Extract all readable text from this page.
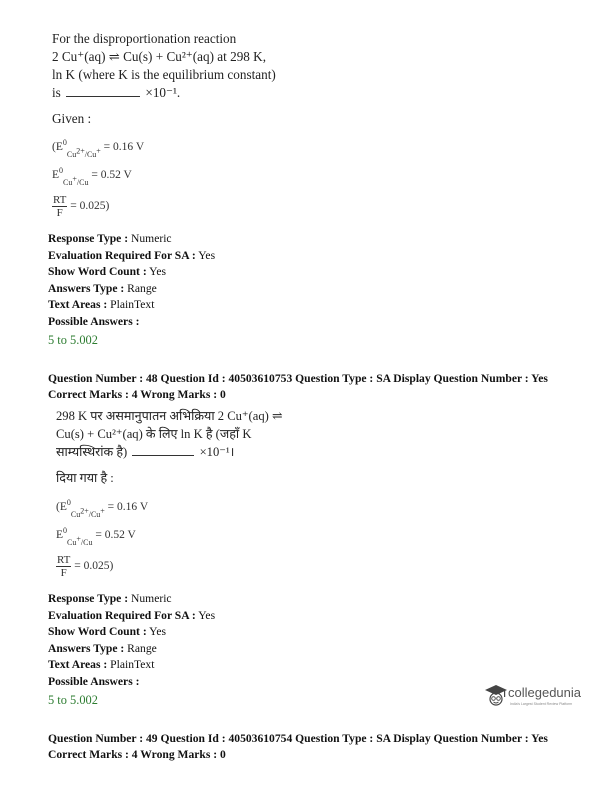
For the disproportionation reaction
2 Cu⁺(aq) ⇌ Cu(s) + Cu²⁺(aq) at 298 K,
ln K (where K is the equilibrium constant)
is	×10⁻¹.
Given :
($E^0_{Cu^{2+}/Cu^+} = 0.16$ V
$E^0_{Cu^+/Cu} = 0.52$ V
$\frac{RT}{F} = 0.025$)
Response Type : Numeric
Evaluation Required For SA : Yes
Show Word Count : Yes
Answers Type : Range
Text Areas : PlainText
Possible Answers :
5 to 5.002
Question Number : 48 Question Id : 40503610753 Question Type : SA Display Question Number : Yes
Correct Marks : 4 Wrong Marks : 0
298 K पर असमानुपातन अभिक्रिया 2 Cu⁺(aq) ⇌
Cu(s) + Cu²⁺(aq) के लिए ln K है (जहाँ K
साम्यस्थिरांक है)	×10⁻¹।
दिया गया है :
($E^0_{Cu^{2+}/Cu^+} = 0.16$ V
$E^0_{Cu^+/Cu} = 0.52$ V
$\frac{RT}{F} = 0.025$)
Response Type : Numeric
Evaluation Required For SA : Yes
Show Word Count : Yes
Answers Type : Range
Text Areas : PlainText
Possible Answers :
5 to 5.002	collegedunia
India's Largest Student Review Platform
Question Number : 49 Question Id : 40503610754 Question Type : SA Display Question Number : Yes
Correct Marks : 4 Wrong Marks : 0
